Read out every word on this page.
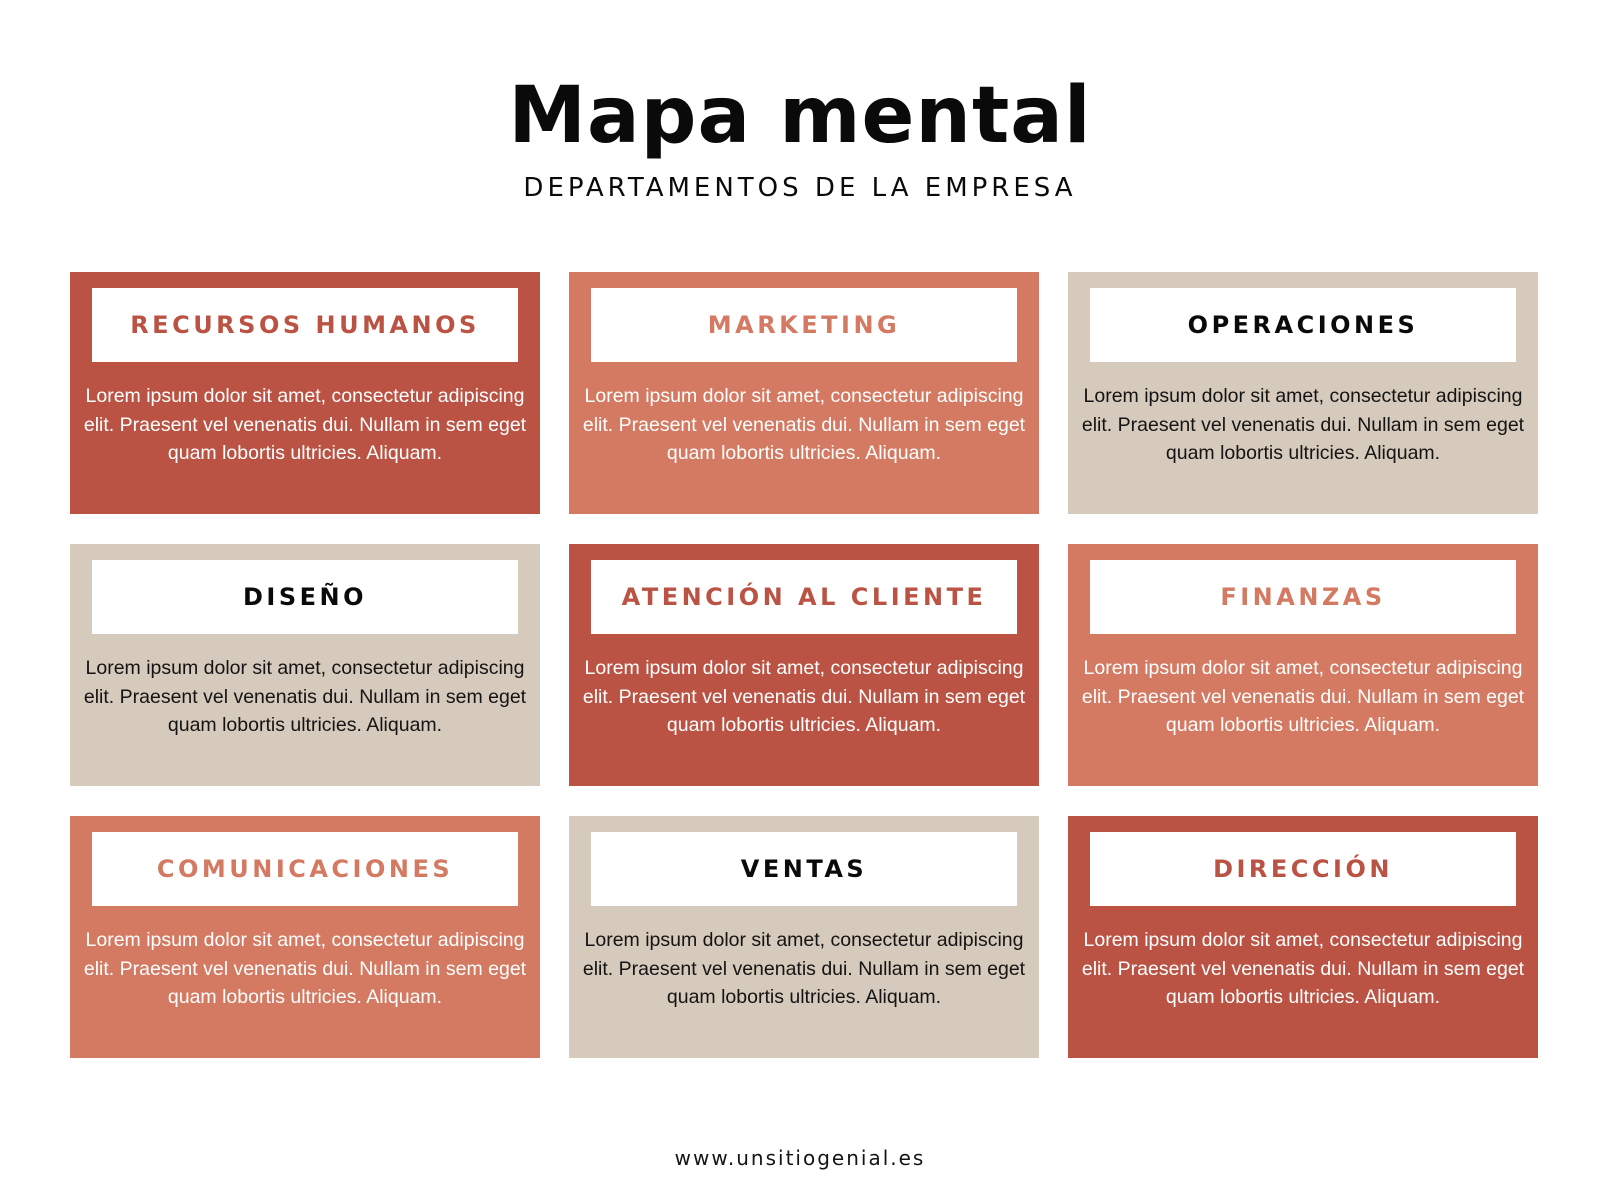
Mapa mental

DEPARTAMENTOS DE LA EMPRESA

RECURSOS HUMANOS
Lorem ipsum dolor sit amet, consectetur adipiscing elit. Praesent vel venenatis dui. Nullam in sem eget quam lobortis ultricies. Aliquam.
MARKETING
Lorem ipsum dolor sit amet, consectetur adipiscing elit. Praesent vel venenatis dui. Nullam in sem eget quam lobortis ultricies. Aliquam.
OPERACIONES
Lorem ipsum dolor sit amet, consectetur adipiscing elit. Praesent vel venenatis dui. Nullam in sem eget quam lobortis ultricies. Aliquam.
DISEÑO
Lorem ipsum dolor sit amet, consectetur adipiscing elit. Praesent vel venenatis dui. Nullam in sem eget quam lobortis ultricies. Aliquam.
ATENCIÓN AL CLIENTE
Lorem ipsum dolor sit amet, consectetur adipiscing elit. Praesent vel venenatis dui. Nullam in sem eget quam lobortis ultricies. Aliquam.
FINANZAS
Lorem ipsum dolor sit amet, consectetur adipiscing elit. Praesent vel venenatis dui. Nullam in sem eget quam lobortis ultricies. Aliquam.
COMUNICACIONES
Lorem ipsum dolor sit amet, consectetur adipiscing elit. Praesent vel venenatis dui. Nullam in sem eget quam lobortis ultricies. Aliquam.
VENTAS
Lorem ipsum dolor sit amet, consectetur adipiscing elit. Praesent vel venenatis dui. Nullam in sem eget quam lobortis ultricies. Aliquam.
DIRECCIÓN
Lorem ipsum dolor sit amet, consectetur adipiscing elit. Praesent vel venenatis dui. Nullam in sem eget quam lobortis ultricies. Aliquam.
www.unsitiogenial.es
